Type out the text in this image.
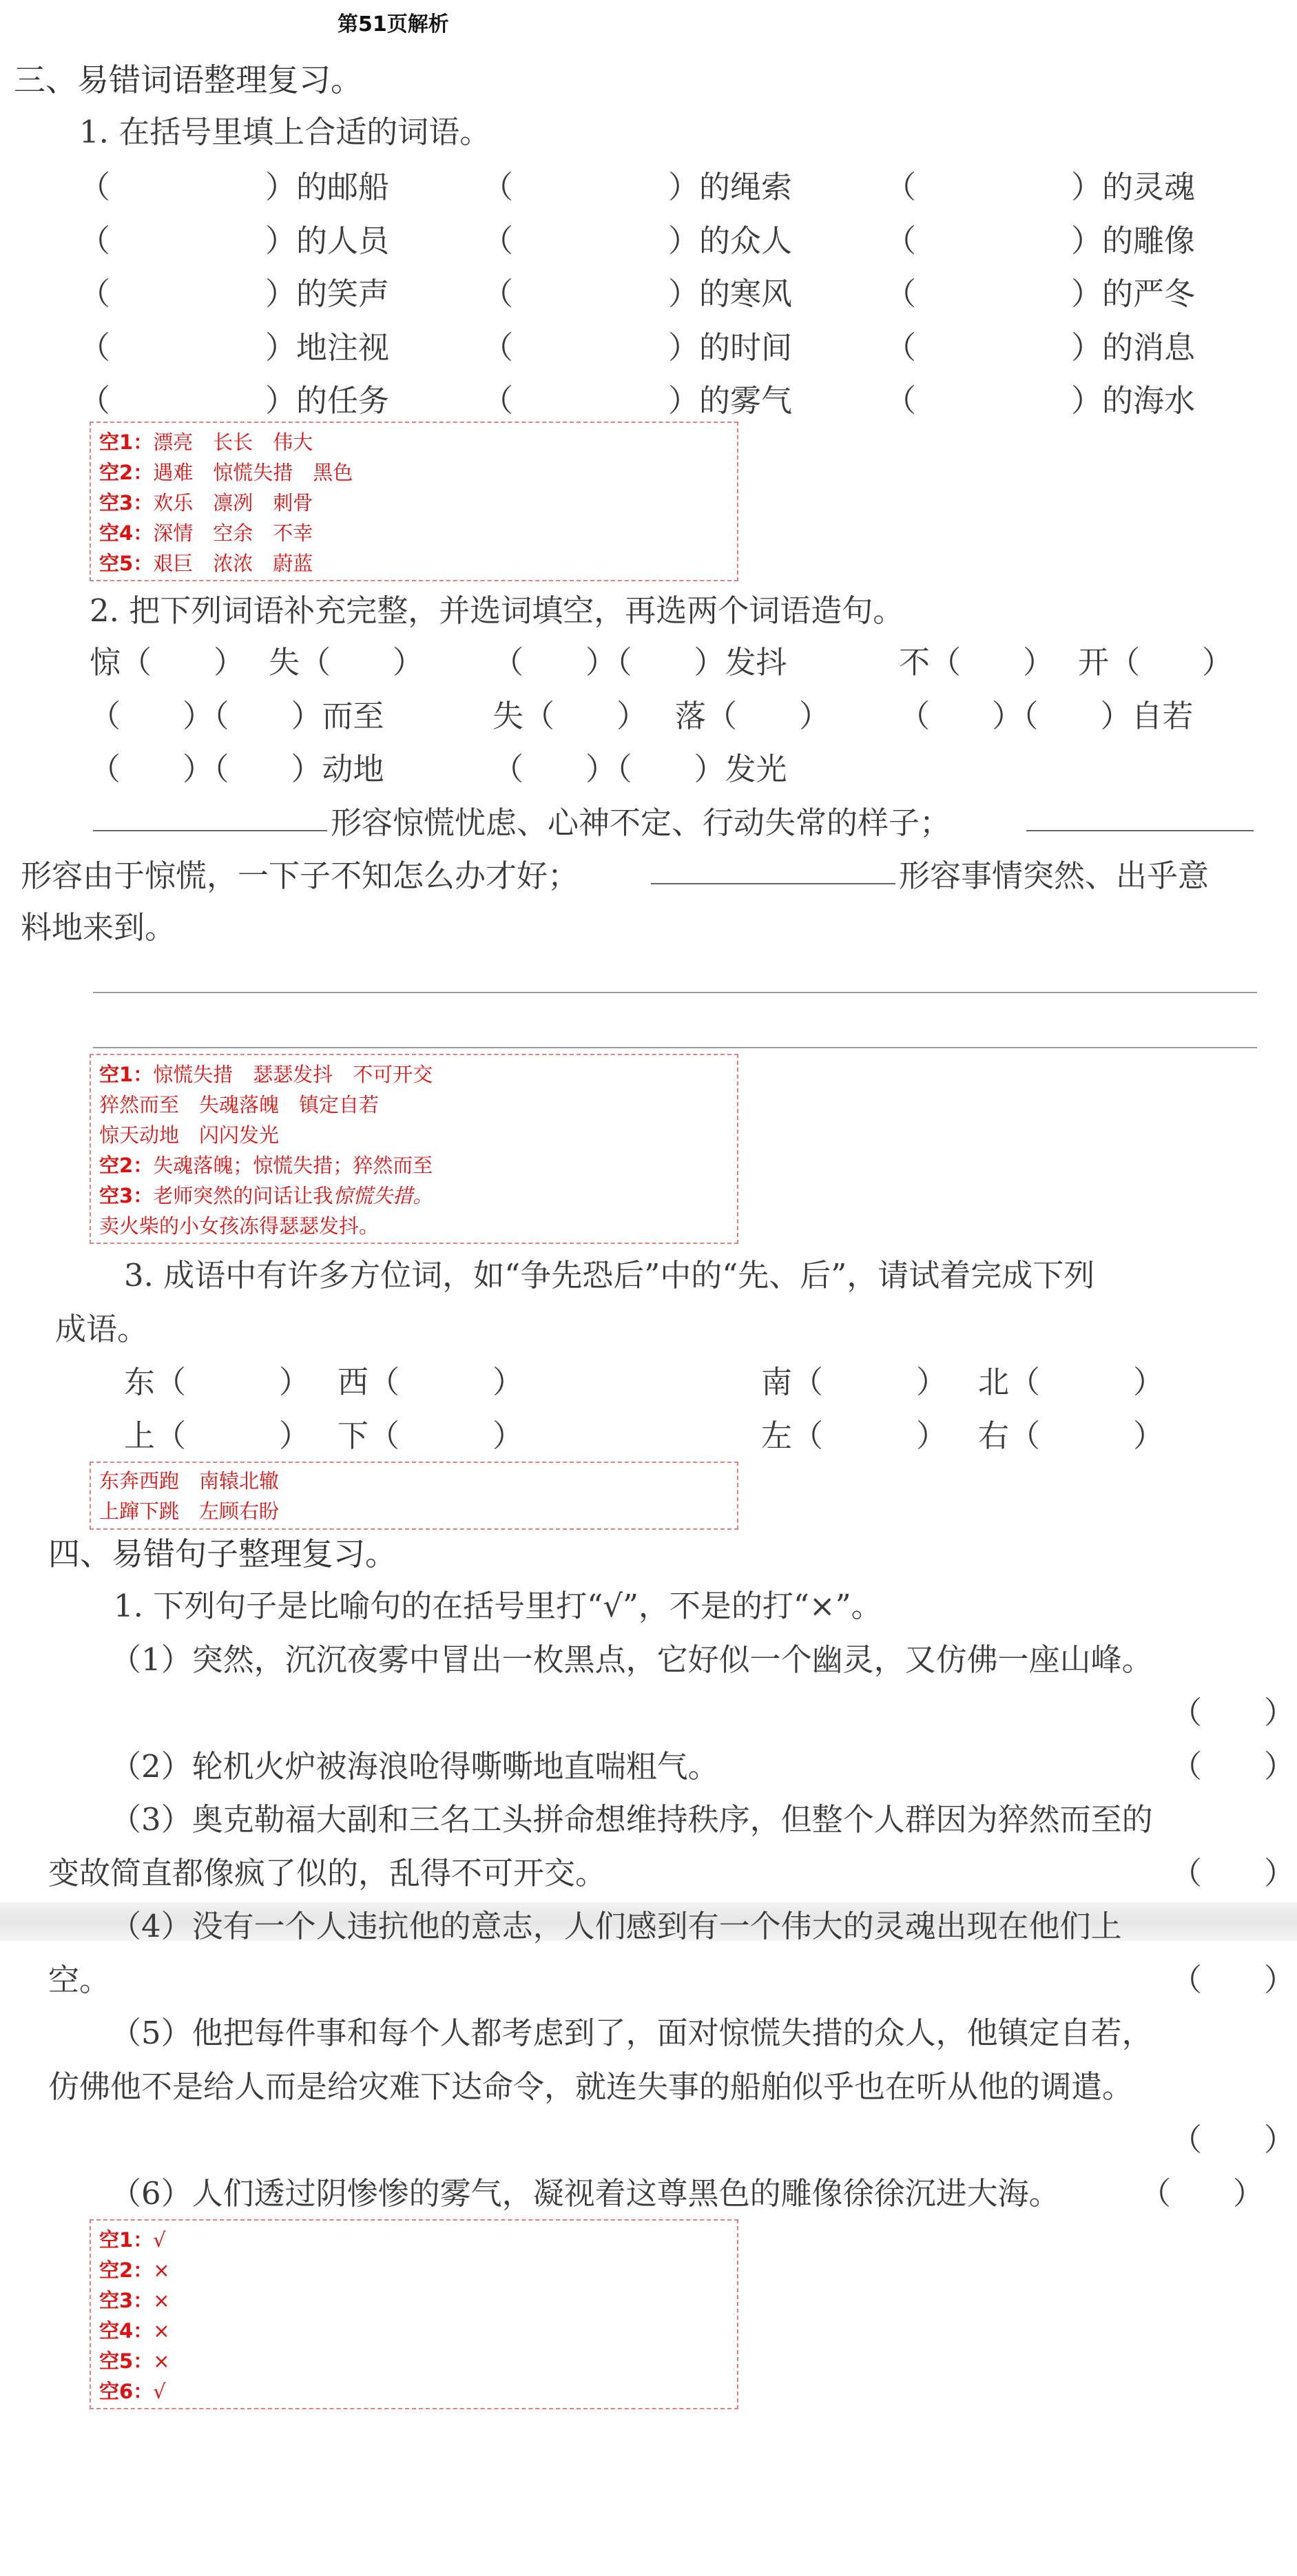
第51页解析
三、易错词语整理复习。
1. 在括号里填上合适的词语。
（　　　　　）的邮船	（　　　　　）的绳索	（　　　　　）的灵魂
（　　　　　）的人员	（　　　　　）的众人	（　　　　　）的雕像
（　　　　　）的笑声	（　　　　　）的寒风	（　　　　　）的严冬
（　　　　　）地注视	（　　　　　）的时间	（　　　　　）的消息
（　　　　　）的任务	（　　　　　）的雾气	（　　　　　）的海水
空1：漂亮　长长　伟大
空2：遇难　惊慌失措　黑色
空3：欢乐　凛冽　刺骨
空4：深情　空余　不幸
空5：艰巨　浓浓　蔚蓝
2. 把下列词语补充完整，并选词填空，再选两个词语造句。
惊（　　） 失（　　） （　　）（　　）发抖	不（　　） 开（　　）
（　　）（　　）而至	失（　　） 落（　　） （　　）（　　）自若
（　　）（　　）动地	（　　）（　　）发光
形容惊慌忧虑、心神不定、行动失常的样子；
形容由于惊慌，一下子不知怎么办才好；	形容事情突然、出乎意
料地来到。
空1：惊慌失措　瑟瑟发抖　不可开交
猝然而至　失魂落魄　镇定自若
惊天动地　闪闪发光
空2：失魂落魄；惊慌失措；猝然而至
空3：老师突然的问话让我惊慌失措。
卖火柴的小女孩冻得瑟瑟发抖。
3. 成语中有许多方位词，如“争先恐后”中的“先、后”，请试着完成下列
成语。
东（　　　） 西（　　　）	南（　　　） 北（　　　）
上（　　　） 下（　　　）	左（　　　） 右（　　　）
东奔西跑　南辕北辙
上蹿下跳　左顾右盼
四、易错句子整理复习。
1. 下列句子是比喻句的在括号里打“√”，不是的打“×”。
（1）突然，沉沉夜雾中冒出一枚黑点，它好似一个幽灵，又仿佛一座山峰。
（　　）
（2）轮机火炉被海浪呛得嘶嘶地直喘粗气。	（　　）
（3）奥克勒福大副和三名工头拼命想维持秩序，但整个人群因为猝然而至的
变故简直都像疯了似的，乱得不可开交。	（　　）
（4）没有一个人违抗他的意志，人们感到有一个伟大的灵魂出现在他们上
空。	（　　）
（5）他把每件事和每个人都考虑到了，面对惊慌失措的众人，他镇定自若，
仿佛他不是给人而是给灾难下达命令，就连失事的船舶似乎也在听从他的调遣。
（　　）
（6）人们透过阴惨惨的雾气，凝视着这尊黑色的雕像徐徐沉进大海。	（　　）
空1：√
空2：×
空3：×
空4：×
空5：×
空6：√
